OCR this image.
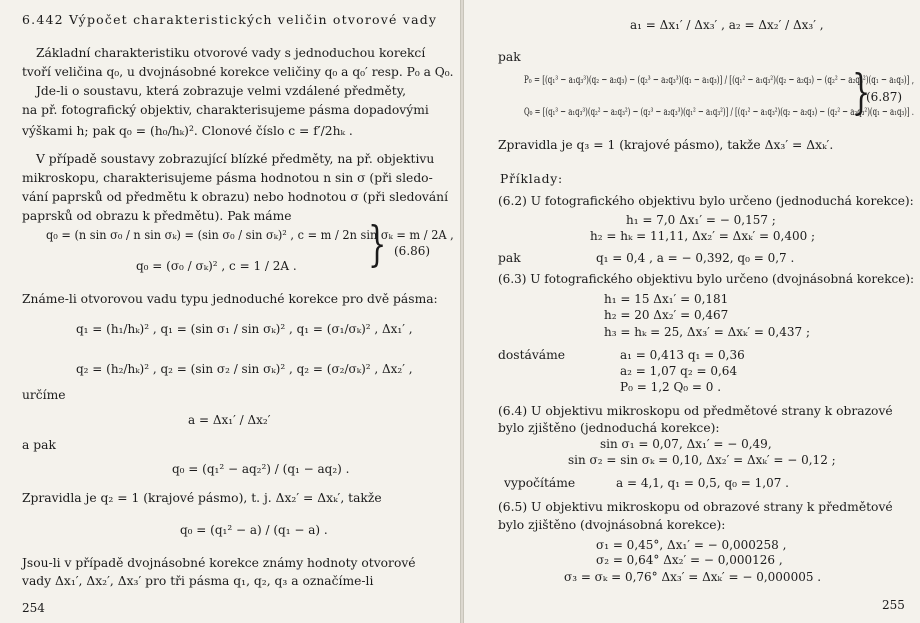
6.442 Výpočet charakteristických veličin otvorové vady
Základní charakteristiku otvorové vady s jednoduchou korekcí
tvoří veličina q₀, u dvojnásobné korekce veličiny q₀ a q₀′ resp. P₀ a Q₀.
Jde-li o soustavu, která zobrazuje velmi vzdálené předměty,
na př. fotografický objektiv, charakterisujeme pásma dopadovými
výškami h; pak q₀ = (h₀/hₖ)². Clonové číslo c = f′/2hₖ .
V případě soustavy zobrazující blízké předměty, na př. objektivu
mikroskopu, charakterisujeme pásma hodnotou n sin σ (při sledo-
vání paprsků od předmětu k obrazu) nebo hodnotou σ (při sledování
paprsků od obrazu k předmětu). Pak máme
q₀ = (n sin σ₀ / n sin σₖ) = (sin σ₀ / sin σₖ)² , c = m / 2n sin σₖ = m / 2A ,
q₀ = (σ₀ / σₖ)² , c = 1 / 2A . } (6.86)
Známe-li otvorovou vadu typu jednoduché korekce pro dvě pásma:
q₁ = (h₁/hₖ)² , q₁ = (sin σ₁ / sin σₖ)² , q₁ = (σ₁/σₖ)² , Δx₁′ ,
q₂ = (h₂/hₖ)² , q₂ = (sin σ₂ / sin σₖ)² , q₂ = (σ₂/σₖ)² , Δx₂′ ,
určíme
a = Δx₁′ / Δx₂′
a pak
q₀ = (q₁² − aq₂²) / (q₁ − aq₂) .
Zpravidla je q₂ = 1 (krajové pásmo), t. j. Δx₂′ = Δxₖ′, takže
q₀ = (q₁² − a) / (q₁ − a) .
Jsou-li v případě dvojnásobné korekce známy hodnoty otvorové
vady Δx₁′, Δx₂′, Δx₃′ pro tři pásma q₁, q₂, q₃ a označíme-li
254
a₁ = Δx₁′ / Δx₃′ , a₂ = Δx₂′ / Δx₃′ ,
pak
P₀ = [(q₁³ − a₁q₃³)(q₂ − a₂q₃) − (q₂³ − a₂q₃³)(q₁ − a₁q₃)] / [(q₁² − a₁q₃²)(q₂ − a₂q₃) − (q₂² − a₂q₃²)(q₁ − a₁q₃)] ,
Q₀ = [(q₁³ − a₁q₃³)(q₂² − a₂q₃²) − (q₂³ − a₂q₃³)(q₁² − a₁q₃²)] / [(q₁² − a₁q₃²)(q₂ − a₂q₃) − (q₂² − a₂q₃²)(q₁ − a₁q₃)] .
}
(6.87)
Zpravidla je q₃ = 1 (krajové pásmo), takže Δx₃′ = Δxₖ′.
Příklady:
(6.2) U fotografického objektivu bylo určeno (jednoduchá korekce):
h₁ = 7,0 Δx₁′ = − 0,157 ;
h₂ = hₖ = 11,11, Δx₂′ = Δxₖ′ = 0,400 ;
pak	q₁ = 0,4 , a = − 0,392, q₀ = 0,7 .
(6.3) U fotografického objektivu bylo určeno (dvojnásobná korekce):
h₁ = 15 Δx₁′ = 0,181
h₂ = 20 Δx₂′ = 0,467
h₃ = hₖ = 25, Δx₃′ = Δxₖ′ = 0,437 ;
dostáváme	a₁ = 0,413 q₁ = 0,36
a₂ = 1,07 q₂ = 0,64
P₀ = 1,2 Q₀ = 0 .
(6.4) U objektivu mikroskopu od předmětové strany k obrazové
bylo zjištěno (jednoduchá korekce):
sin σ₁ = 0,07, Δx₁′ = − 0,49,
sin σ₂ = sin σₖ = 0,10, Δx₂′ = Δxₖ′ = − 0,12 ;
vypočítáme	a = 4,1, q₁ = 0,5, q₀ = 1,07 .
(6.5) U objektivu mikroskopu od obrazové strany k předmětové
bylo zjištěno (dvojnásobná korekce):
σ₁ = 0,45°, Δx₁′ = − 0,000258 ,
σ₂ = 0,64° Δx₂′ = − 0,000126 ,
σ₃ = σₖ = 0,76° Δx₃′ = Δxₖ′ = − 0,000005 .
255
